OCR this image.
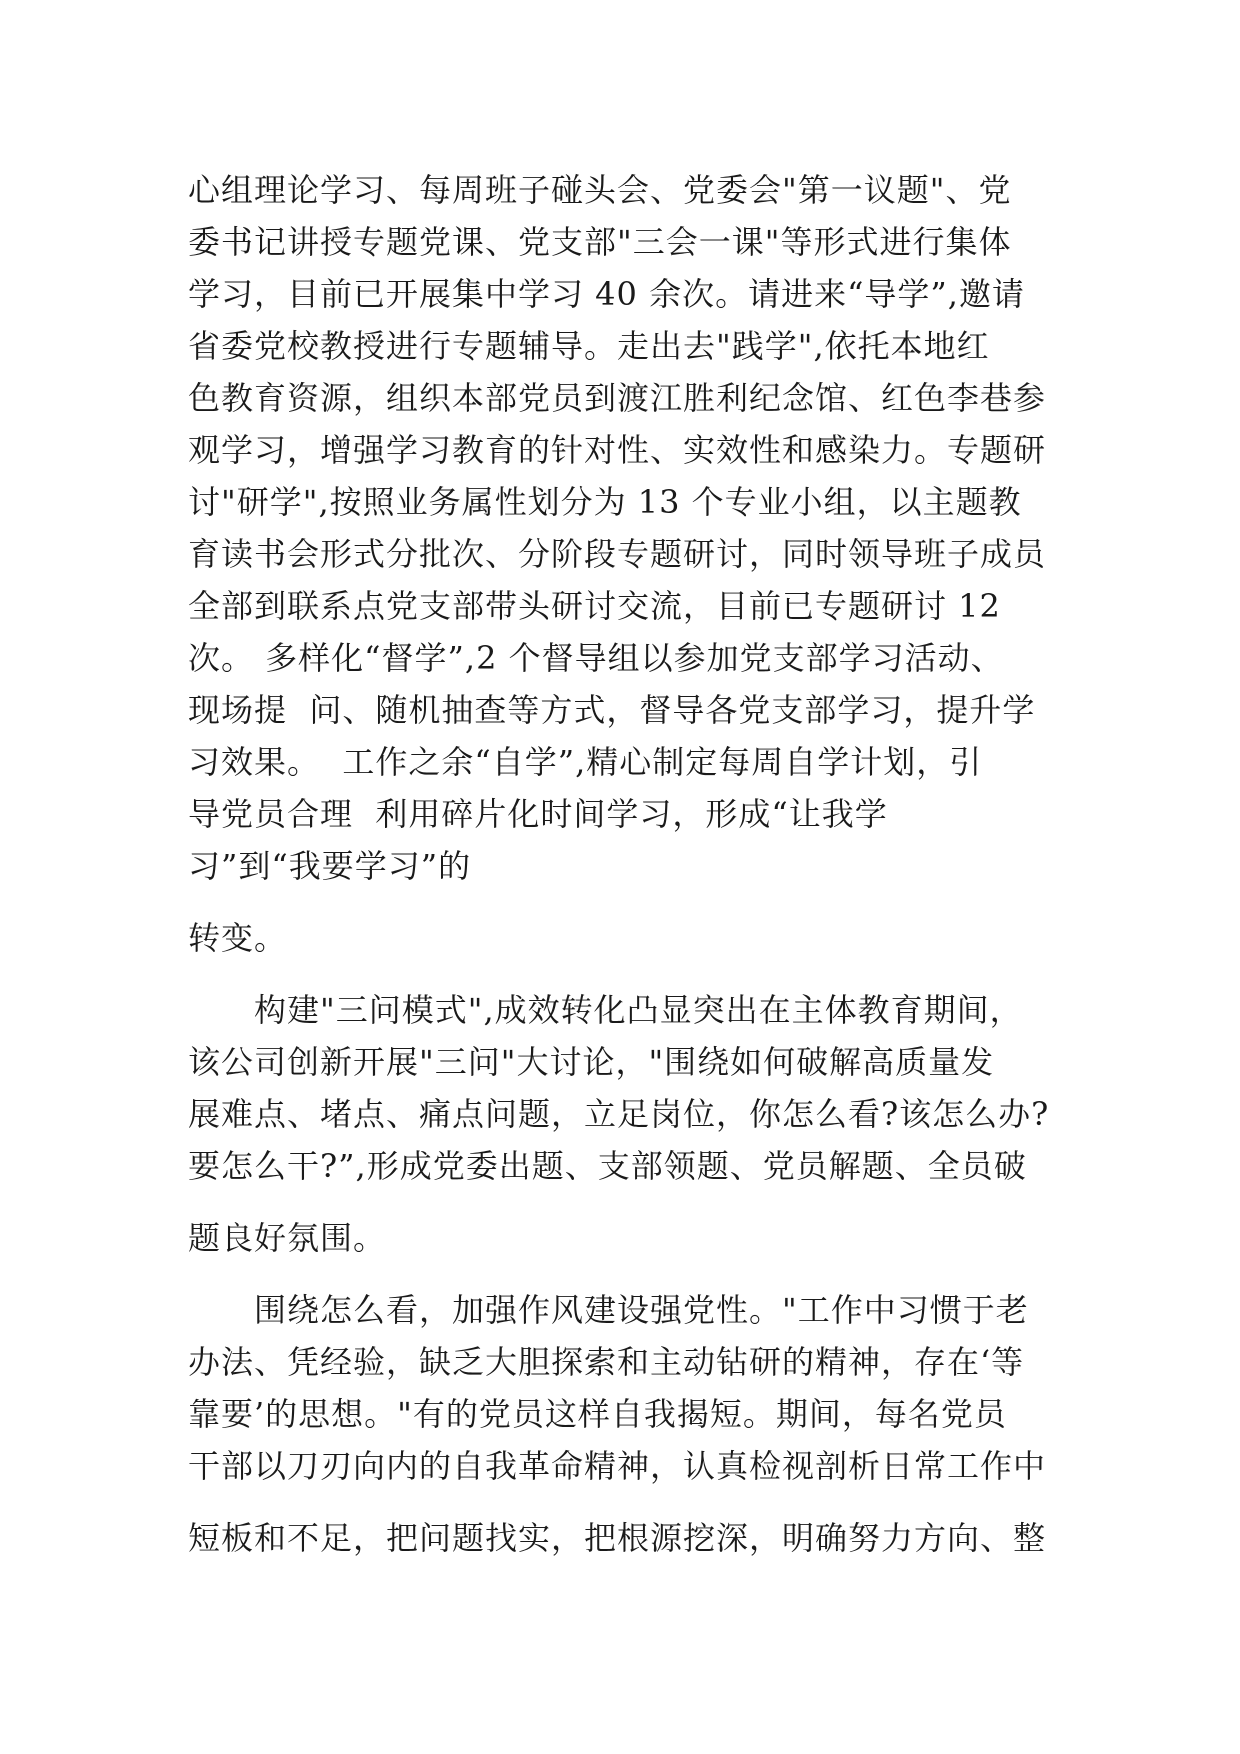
心组理论学习、每周班子碰头会、党委会"第一议题"、党
委书记讲授专题党课、党支部"三会一课"等形式进行集体
学习，目前已开展集中学习 40 余次。请进来“导学”,邀请
省委党校教授进行专题辅导。走出去"践学",依托本地红
色教育资源，组织本部党员到渡江胜利纪念馆、红色李巷参
观学习，增强学习教育的针对性、实效性和感染力。专题研
讨"研学",按照业务属性划分为 13 个专业小组，以主题教
育读书会形式分批次、分阶段专题研讨，同时领导班子成员
全部到联系点党支部带头研讨交流，目前已专题研讨 12
次。 多样化“督学”,2 个督导组以参加党支部学习活动、
现场提  问、随机抽查等方式，督导各党支部学习，提升学
习效果。  工作之余“自学”,精心制定每周自学计划，引
导党员合理  利用碎片化时间学习，形成“让我学
习”到“我要学习”的
转变。
　　构建"三问模式",成效转化凸显突出在主体教育期间，
该公司创新开展"三问"大讨论，"围绕如何破解高质量发
展难点、堵点、痛点问题，立足岗位，你怎么看?该怎么办?
要怎么干?”,形成党委出题、支部领题、党员解题、全员破
题良好氛围。
　　围绕怎么看，加强作风建设强党性。"工作中习惯于老
办法、凭经验，缺乏大胆探索和主动钻研的精神，存在‘等
靠要’的思想。"有的党员这样自我揭短。期间，每名党员
干部以刀刃向内的自我革命精神，认真检视剖析日常工作中
短板和不足，把问题找实，把根源挖深，明确努力方向、整
